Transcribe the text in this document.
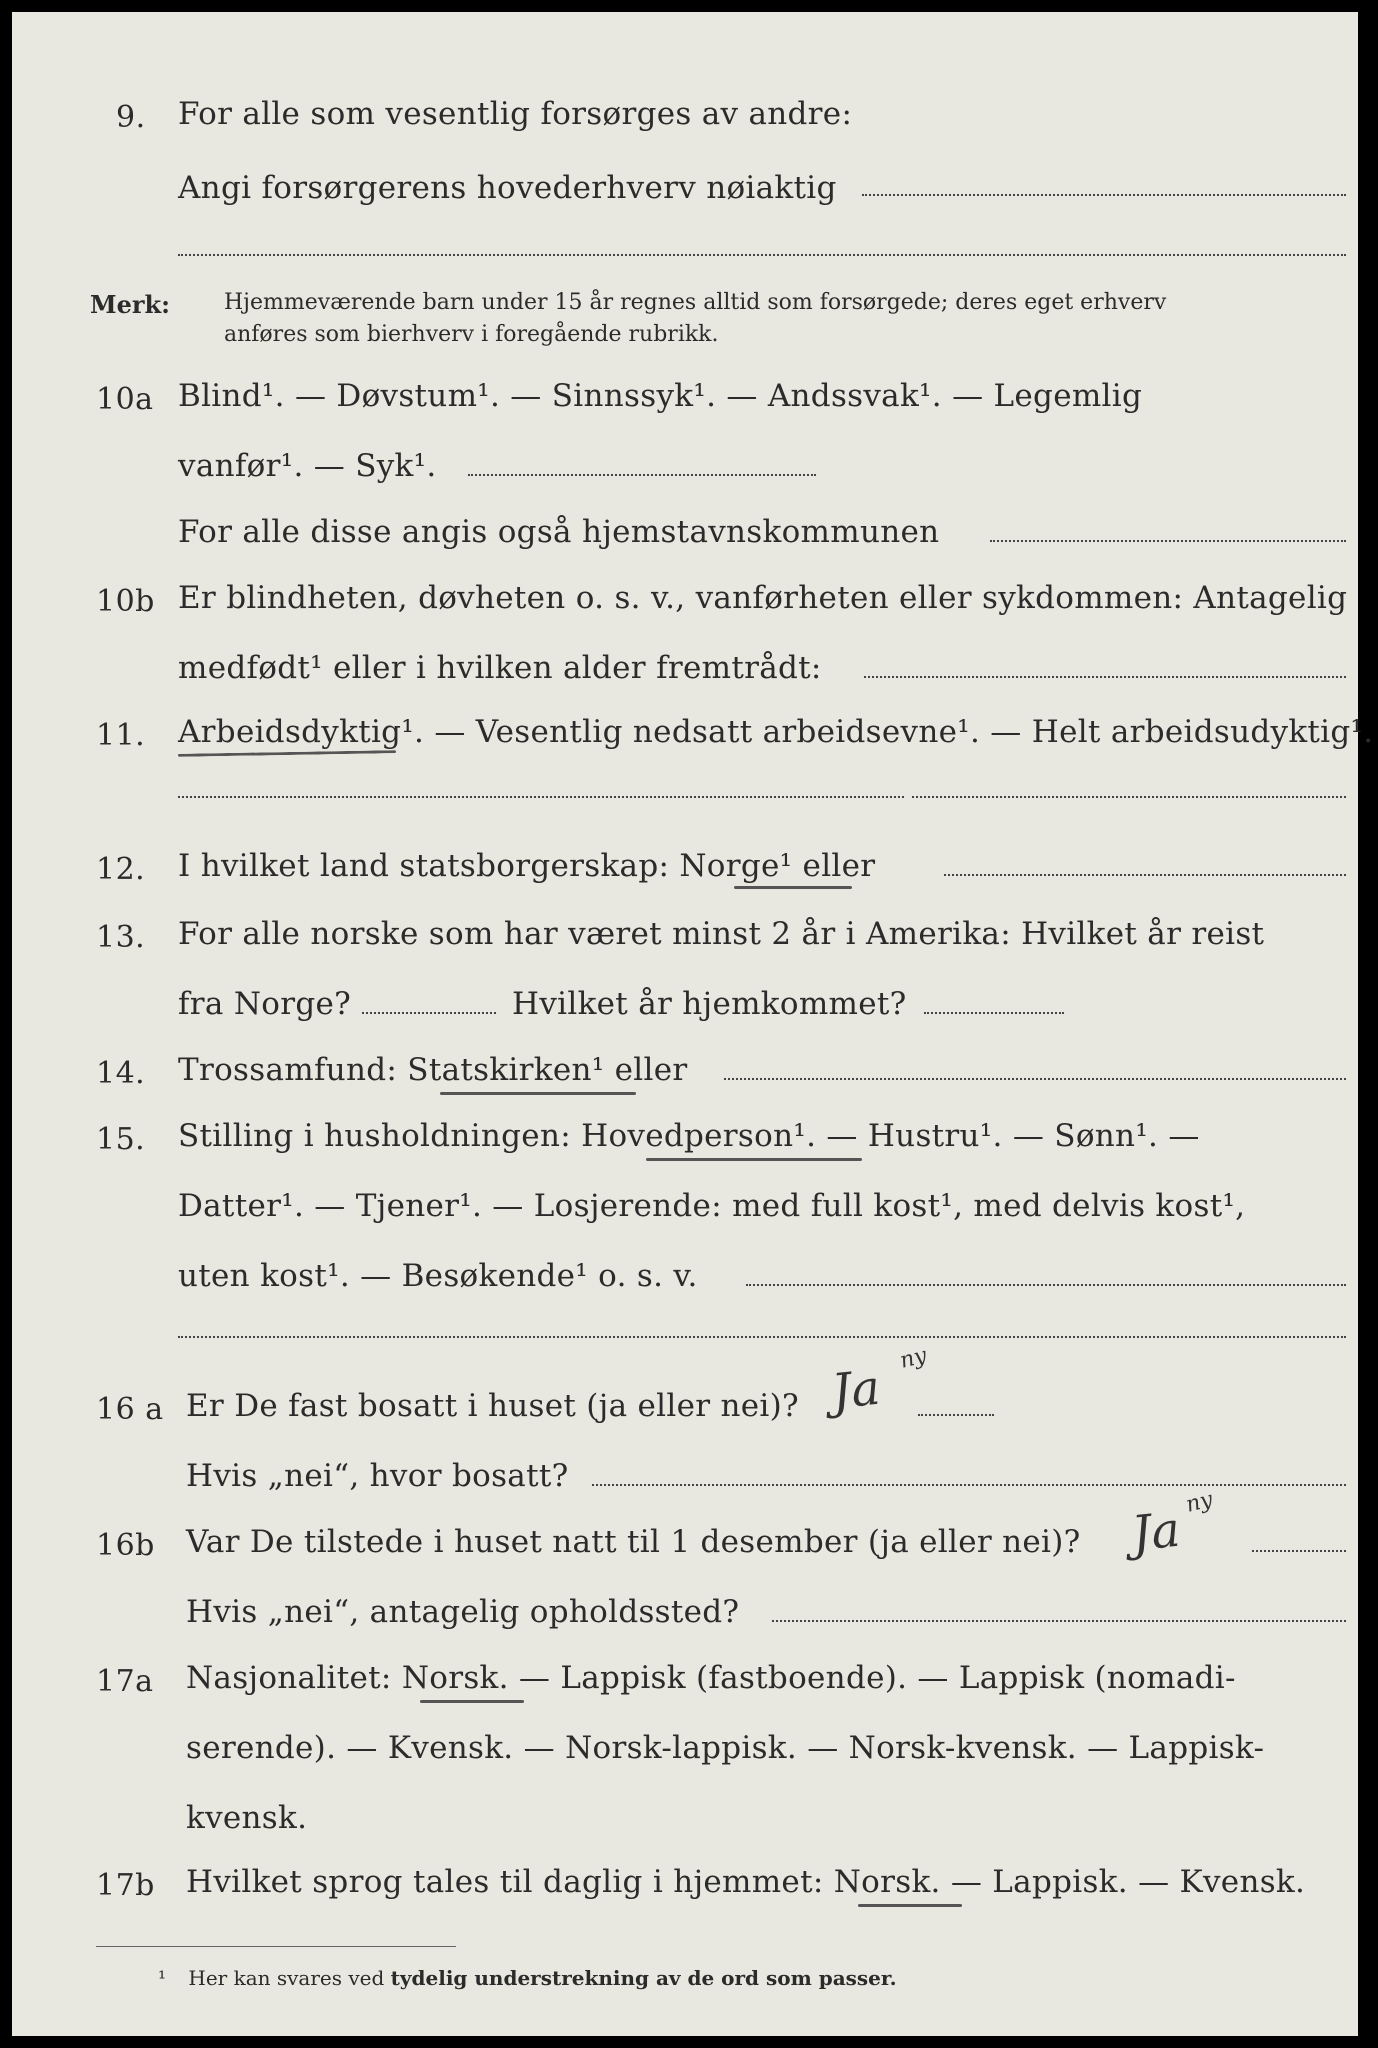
9. For alle som vesentlig forsørges av andre:
Angi forsørgerens hovederhverv nøiaktig
Merk: Hjemmeværende barn under 15 år regnes alltid som forsørgede; deres eget erhverv
anføres som bierhverv i foregående rubrikk.
10a Blind¹. — Døvstum¹. — Sinnssyk¹. — Andssvak¹. — Legemlig
vanfør¹. — Syk¹.
For alle disse angis også hjemstavnskommunen
10b Er blindheten, døvheten o. s. v., vanførheten eller sykdommen: Antagelig
medfødt¹ eller i hvilken alder fremtrådt:
11. Arbeidsdyktig¹. — Vesentlig nedsatt arbeidsevne¹. — Helt arbeidsudyktig¹.
12. I hvilket land statsborgerskap: Norge¹ eller
13. For alle norske som har været minst 2 år i Amerika: Hvilket år reist
fra Norge?	Hvilket år hjemkommet?
14. Trossamfund: Statskirken¹ eller
15. Stilling i husholdningen: Hovedperson¹. — Hustru¹. — Sønn¹. —
Datter¹. — Tjener¹. — Losjerende: med full kost¹, med delvis kost¹,
uten kost¹. — Besøkende¹ o. s. v.
16 a Er De fast bosatt i huset (ja eller nei)? Ja
ny
Hvis „nei“, hvor bosatt?
16b Var De tilstede i huset natt til 1 desember (ja eller nei)? Ja ny
Hvis „nei“, antagelig opholdssted?
17a Nasjonalitet: Norsk. — Lappisk (fastboende). — Lappisk (nomadi-
serende). — Kvensk. — Norsk-lappisk. — Norsk-kvensk. — Lappisk-
kvensk.
17b Hvilket sprog tales til daglig i hjemmet: Norsk. — Lappisk. — Kvensk.
¹ Her kan svares ved tydelig understrekning av de ord som passer.
